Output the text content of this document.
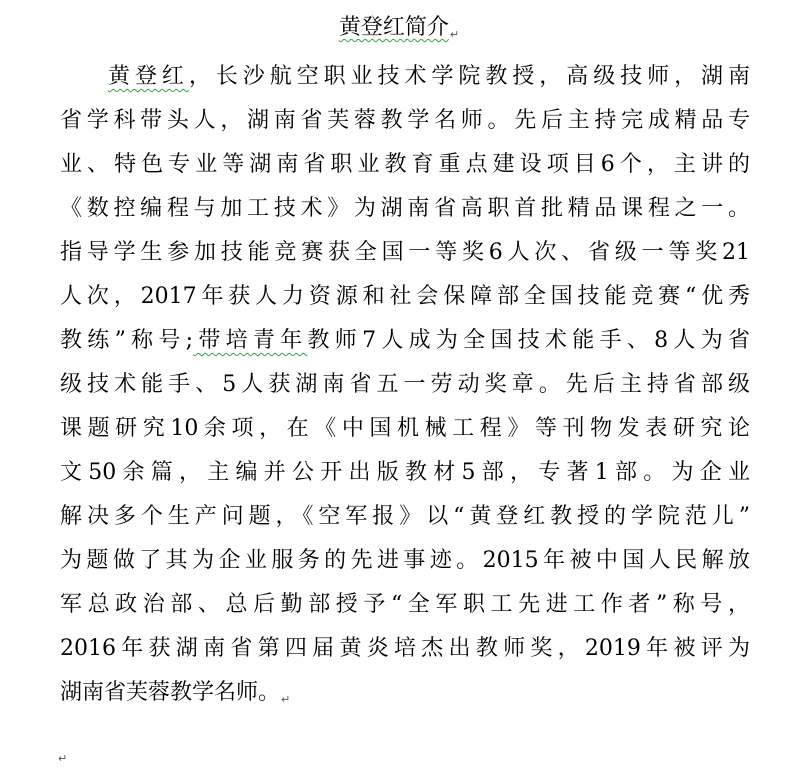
黄登红简介↵
黄登红，长沙航空职业技术学院教授，高级技师，湖南
省学科带头人，湖南省芙蓉教学名师。先后主持完成精品专
业、特色专业等湖南省职业教育重点建设项目6个，主讲的
《数控编程与加工技术》为湖南省高职首批精品课程之一。
指导学生参加技能竞赛获全国一等奖6人次、省级一等奖21
人次，2017年获人力资源和社会保障部全国技能竞赛“优秀
教练”称号;带培青年教师7人成为全国技术能手、8人为省
级技术能手、5人获湖南省五一劳动奖章。先后主持省部级
课题研究10余项，在《中国机械工程》等刊物发表研究论
文50余篇，主编并公开出版教材5部，专著1部。为企业
解决多个生产问题，《空军报》以“黄登红教授的学院范儿”
为题做了其为企业服务的先进事迹。2015年被中国人民解放
军总政治部、总后勤部授予“全军职工先进工作者”称号，
2016年获湖南省第四届黄炎培杰出教师奖，2019年被评为
湖南省芙蓉教学名师。↵
↵
